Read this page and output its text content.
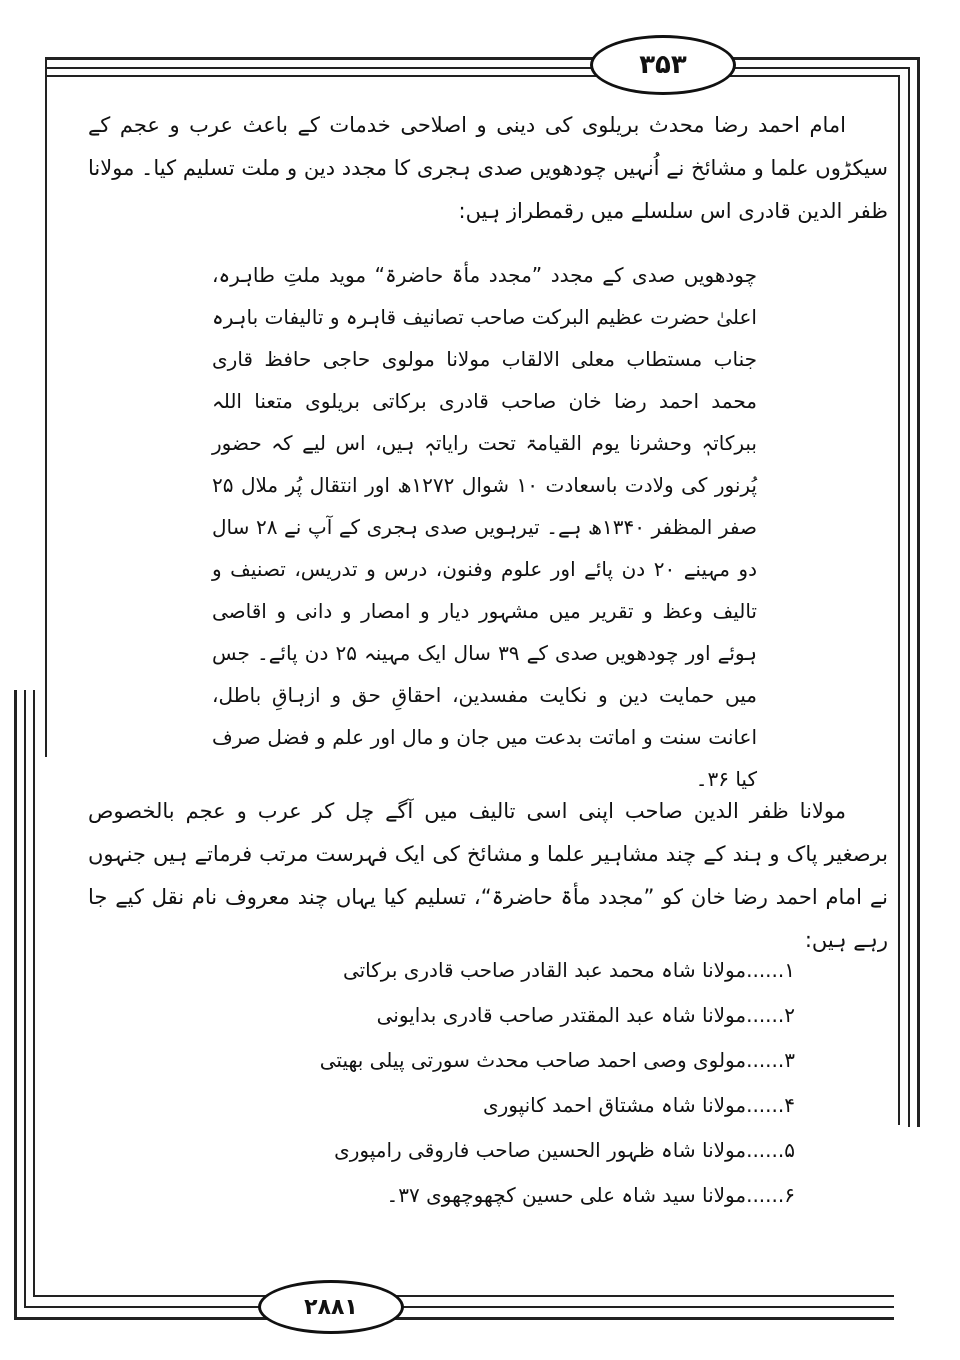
۳۵۳
۲۸۸۱

امام احمد رضا محدث بریلوی کی دینی و اصلاحی خدمات کے باعث عرب و عجم کے سیکڑوں علما و مشائخ نے اُنہیں چودھویں صدی ہجری کا مجدد دین و ملت تسلیم کیا۔ مولانا ظفر الدین قادری اس سلسلے میں رقمطراز ہیں:

چودھویں صدی کے مجدد ”مجدد مأۃ حاضرۃ“ موید ملتِ طاہرہ، اعلیٰ حضرت عظیم البرکت صاحب تصانیف قاہرہ و تالیفات باہرہ جناب مستطاب معلی الالقاب مولانا مولوی حاجی حافظ قاری محمد احمد رضا خان صاحب قادری برکاتی بریلوی متعنا اللہ ببرکاتہٖ وحشرنا یوم القیامۃ تحت رایاتہٖ ہیں، اس لیے کہ حضور پُرنور کی ولادت باسعادت ۱۰ شوال ۱۲۷۲ھ اور انتقال پُر ملال ۲۵ صفر المظفر ۱۳۴۰ھ ہے۔ تیرہویں صدی ہجری کے آپ نے ۲۸ سال دو مہینے ۲۰ دن پائے اور علوم وفنون، درس و تدریس، تصنیف و تالیف وعظ و تقریر میں مشہور دیار و امصار و دانی و اقاصی ہوئے اور چودھویں صدی کے ۳۹ سال ایک مہینہ ۲۵ دن پائے۔ جس میں حمایت دین و نکایت مفسدین، احقاقِ حق و ازہاقِ باطل، اعانت سنت و اماتت بدعت میں جان و مال اور علم و فضل صرف کیا ۳۶۔

مولانا ظفر الدین صاحب اپنی اسی تالیف میں آگے چل کر عرب و عجم بالخصوص برصغیر پاک و ہند کے چند مشاہیر علما و مشائخ کی ایک فہرست مرتب فرماتے ہیں جنہوں نے امام احمد رضا خان کو ”مجدد مأۃ حاضرۃ“، تسلیم کیا یہاں چند معروف نام نقل کیے جا رہے ہیں:

۱......مولانا شاہ محمد عبد القادر صاحب قادری برکاتی
۲......مولانا شاہ عبد المقتدر صاحب قادری بدایونی
۳......مولوی وصی احمد صاحب محدث سورتی پیلی بھیتی
۴......مولانا شاہ مشتاق احمد کانپوری
۵......مولانا شاہ ظہور الحسین صاحب فاروقی رامپوری
۶......مولانا سید شاہ علی حسین کچھوچھوی ۳۷۔
